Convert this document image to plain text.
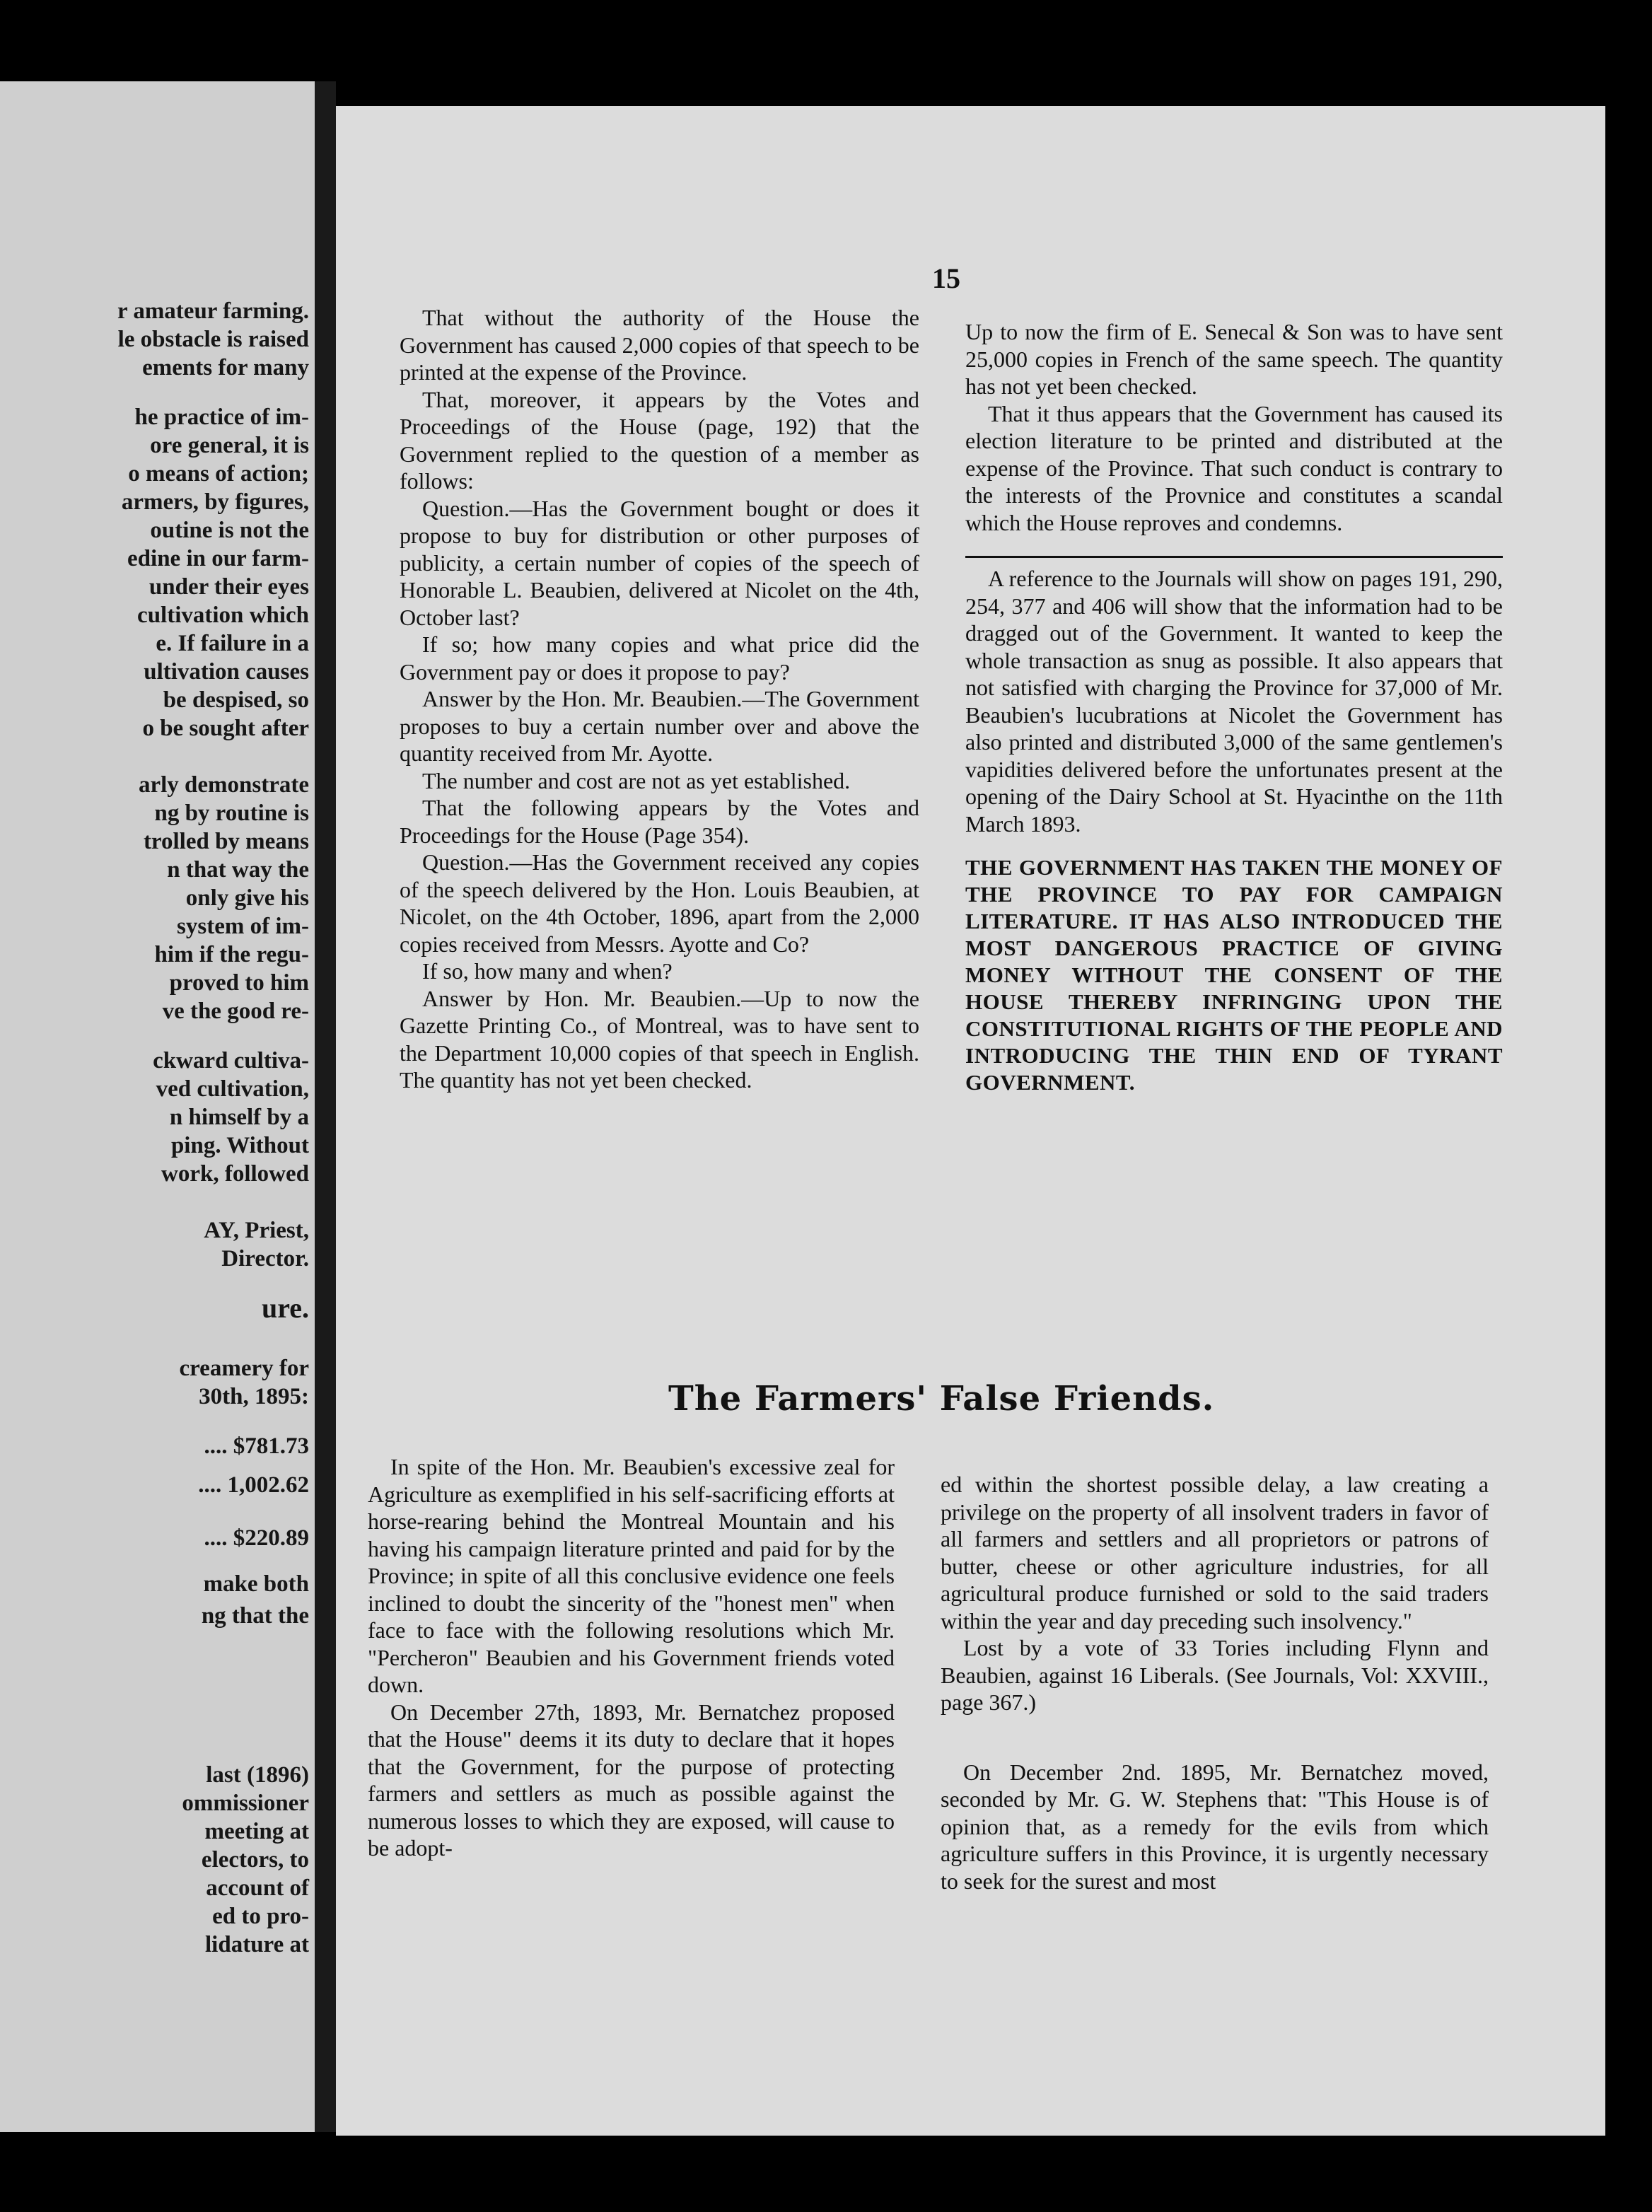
r amateur farming.
le obstacle is raised
ements for many
he practice of im-
ore general, it is
o means of action;
armers, by figures,
outine is not the
edine in our farm-
under their eyes
cultivation which
e. If failure in a
ultivation causes
be despised, so
o be sought after
arly demonstrate
ng by routine is
trolled by means
n that way the
only give his
system of im-
him if the regu-
proved to him
ve the good re-
ckward cultiva-
ved cultivation,
n himself by a
ping. Without
work, followed
AY, Priest,
Director.
ure.
creamery for
30th, 1895:
.... $781.73
.... 1,002.62
.... $220.89
make both
ng that the
last (1896)
ommissioner
meeting at
electors, to
account of
ed to pro-
lidature at
15

That without the authority of the House the Government has caused 2,000 copies of that speech to be printed at the expense of the Province.

That, moreover, it appears by the Votes and Proceedings of the House (page, 192) that the Government replied to the question of a member as follows:

Question.—Has the Government bought or does it propose to buy for distribution or other purposes of publicity, a certain number of copies of the speech of Honorable L. Beaubien, delivered at Nicolet on the 4th, October last?

If so; how many copies and what price did the Government pay or does it propose to pay?

Answer by the Hon. Mr. Beaubien.—The Government proposes to buy a certain number over and above the quantity received from Mr. Ayotte.

The number and cost are not as yet established.

That the following appears by the Votes and Proceedings for the House (Page 354).

Question.—Has the Government received any copies of the speech delivered by the Hon. Louis Beaubien, at Nicolet, on the 4th October, 1896, apart from the 2,000 copies received from Messrs. Ayotte and Co?

If so, how many and when?

Answer by Hon. Mr. Beaubien.—Up to now the Gazette Printing Co., of Montreal, was to have sent to the Department 10,000 copies of that speech in English. The quantity has not yet been checked.

Up to now the firm of E. Senecal & Son was to have sent 25,000 copies in French of the same speech. The quantity has not yet been checked.

That it thus appears that the Government has caused its election literature to be printed and distributed at the expense of the Province. That such conduct is contrary to the interests of the Provnice and constitutes a scandal which the House reproves and condemns.

A reference to the Journals will show on pages 191, 290, 254, 377 and 406 will show that the information had to be dragged out of the Government. It wanted to keep the whole transaction as snug as possible. It also appears that not satisfied with charging the Province for 37,000 of Mr. Beaubien's lucubrations at Nicolet the Government has also printed and distributed 3,000 of the same gentlemen's vapidities delivered before the unfortunates present at the opening of the Dairy School at St. Hyacinthe on the 11th March 1893.

THE GOVERNMENT HAS TAKEN THE MONEY OF THE PROVINCE TO PAY FOR CAMPAIGN LITERATURE. IT HAS ALSO INTRODUCED THE MOST DANGEROUS PRACTICE OF GIVING MONEY WITHOUT THE CONSENT OF THE HOUSE THEREBY INFRINGING UPON THE CONSTITUTIONAL RIGHTS OF THE PEOPLE AND INTRODUCING THE THIN END OF TYRANT GOVERNMENT.
The Farmers' False Friends.

In spite of the Hon. Mr. Beaubien's excessive zeal for Agriculture as exemplified in his self-sacrificing efforts at horse-rearing behind the Montreal Mountain and his having his campaign literature printed and paid for by the Province; in spite of all this conclusive evidence one feels inclined to doubt the sincerity of the "honest men" when face to face with the following resolutions which Mr. "Percheron" Beaubien and his Government friends voted down.

On December 27th, 1893, Mr. Bernatchez proposed that the House" deems it its duty to declare that it hopes that the Government, for the purpose of protecting farmers and settlers as much as possible against the numerous losses to which they are exposed, will cause to be adopt-

ed within the shortest possible delay, a law creating a privilege on the property of all insolvent traders in favor of all farmers and settlers and all proprietors or patrons of butter, cheese or other agriculture industries, for all agricultural produce furnished or sold to the said traders within the year and day preceding such insolvency."

Lost by a vote of 33 Tories including Flynn and Beaubien, against 16 Liberals. (See Journals, Vol: XXVIII., page 367.)

On December 2nd. 1895, Mr. Bernatchez moved, seconded by Mr. G. W. Stephens that: "This House is of opinion that, as a remedy for the evils from which agriculture suffers in this Province, it is urgently necessary to seek for the surest and most
